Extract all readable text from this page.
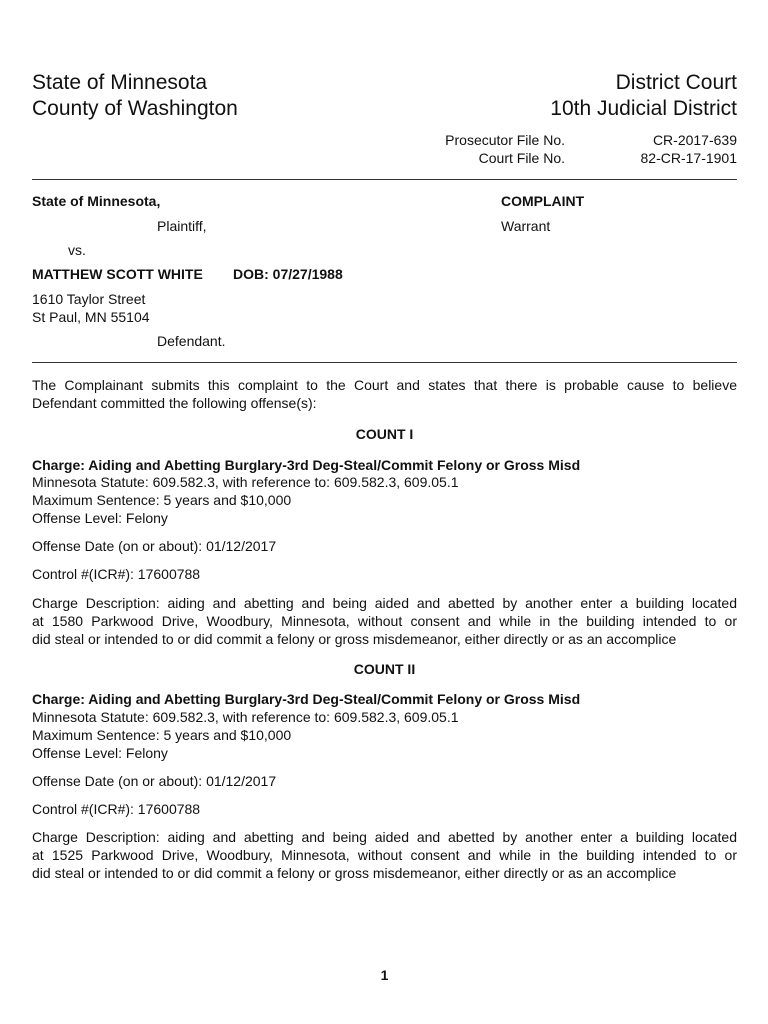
State of Minnesota
County of Washington
District Court
10th Judicial District
Prosecutor File No.	CR-2017-639
Court File No.	82-CR-17-1901
State of Minnesota,
Plaintiff,
vs.
MATTHEW SCOTT WHITE DOB: 07/27/1988
1610 Taylor Street
St Paul, MN 55104
Defendant.
COMPLAINT
Warrant
The Complainant submits this complaint to the Court and states that there is probable cause to believe
Defendant committed the following offense(s):
COUNT I
Charge: Aiding and Abetting Burglary-3rd Deg-Steal/Commit Felony or Gross Misd
Minnesota Statute: 609.582.3, with reference to: 609.582.3, 609.05.1
Maximum Sentence: 5 years and $10,000
Offense Level: Felony
Offense Date (on or about): 01/12/2017
Control #(ICR#): 17600788
Charge Description: aiding and abetting and being aided and abetted by another enter a building located
at 1580 Parkwood Drive, Woodbury, Minnesota, without consent and while in the building intended to or
did steal or intended to or did commit a felony or gross misdemeanor, either directly or as an accomplice
COUNT II
Charge: Aiding and Abetting Burglary-3rd Deg-Steal/Commit Felony or Gross Misd
Minnesota Statute: 609.582.3, with reference to: 609.582.3, 609.05.1
Maximum Sentence: 5 years and $10,000
Offense Level: Felony
Offense Date (on or about): 01/12/2017
Control #(ICR#): 17600788
Charge Description: aiding and abetting and being aided and abetted by another enter a building located
at 1525 Parkwood Drive, Woodbury, Minnesota, without consent and while in the building intended to or
did steal or intended to or did commit a felony or gross misdemeanor, either directly or as an accomplice
1
